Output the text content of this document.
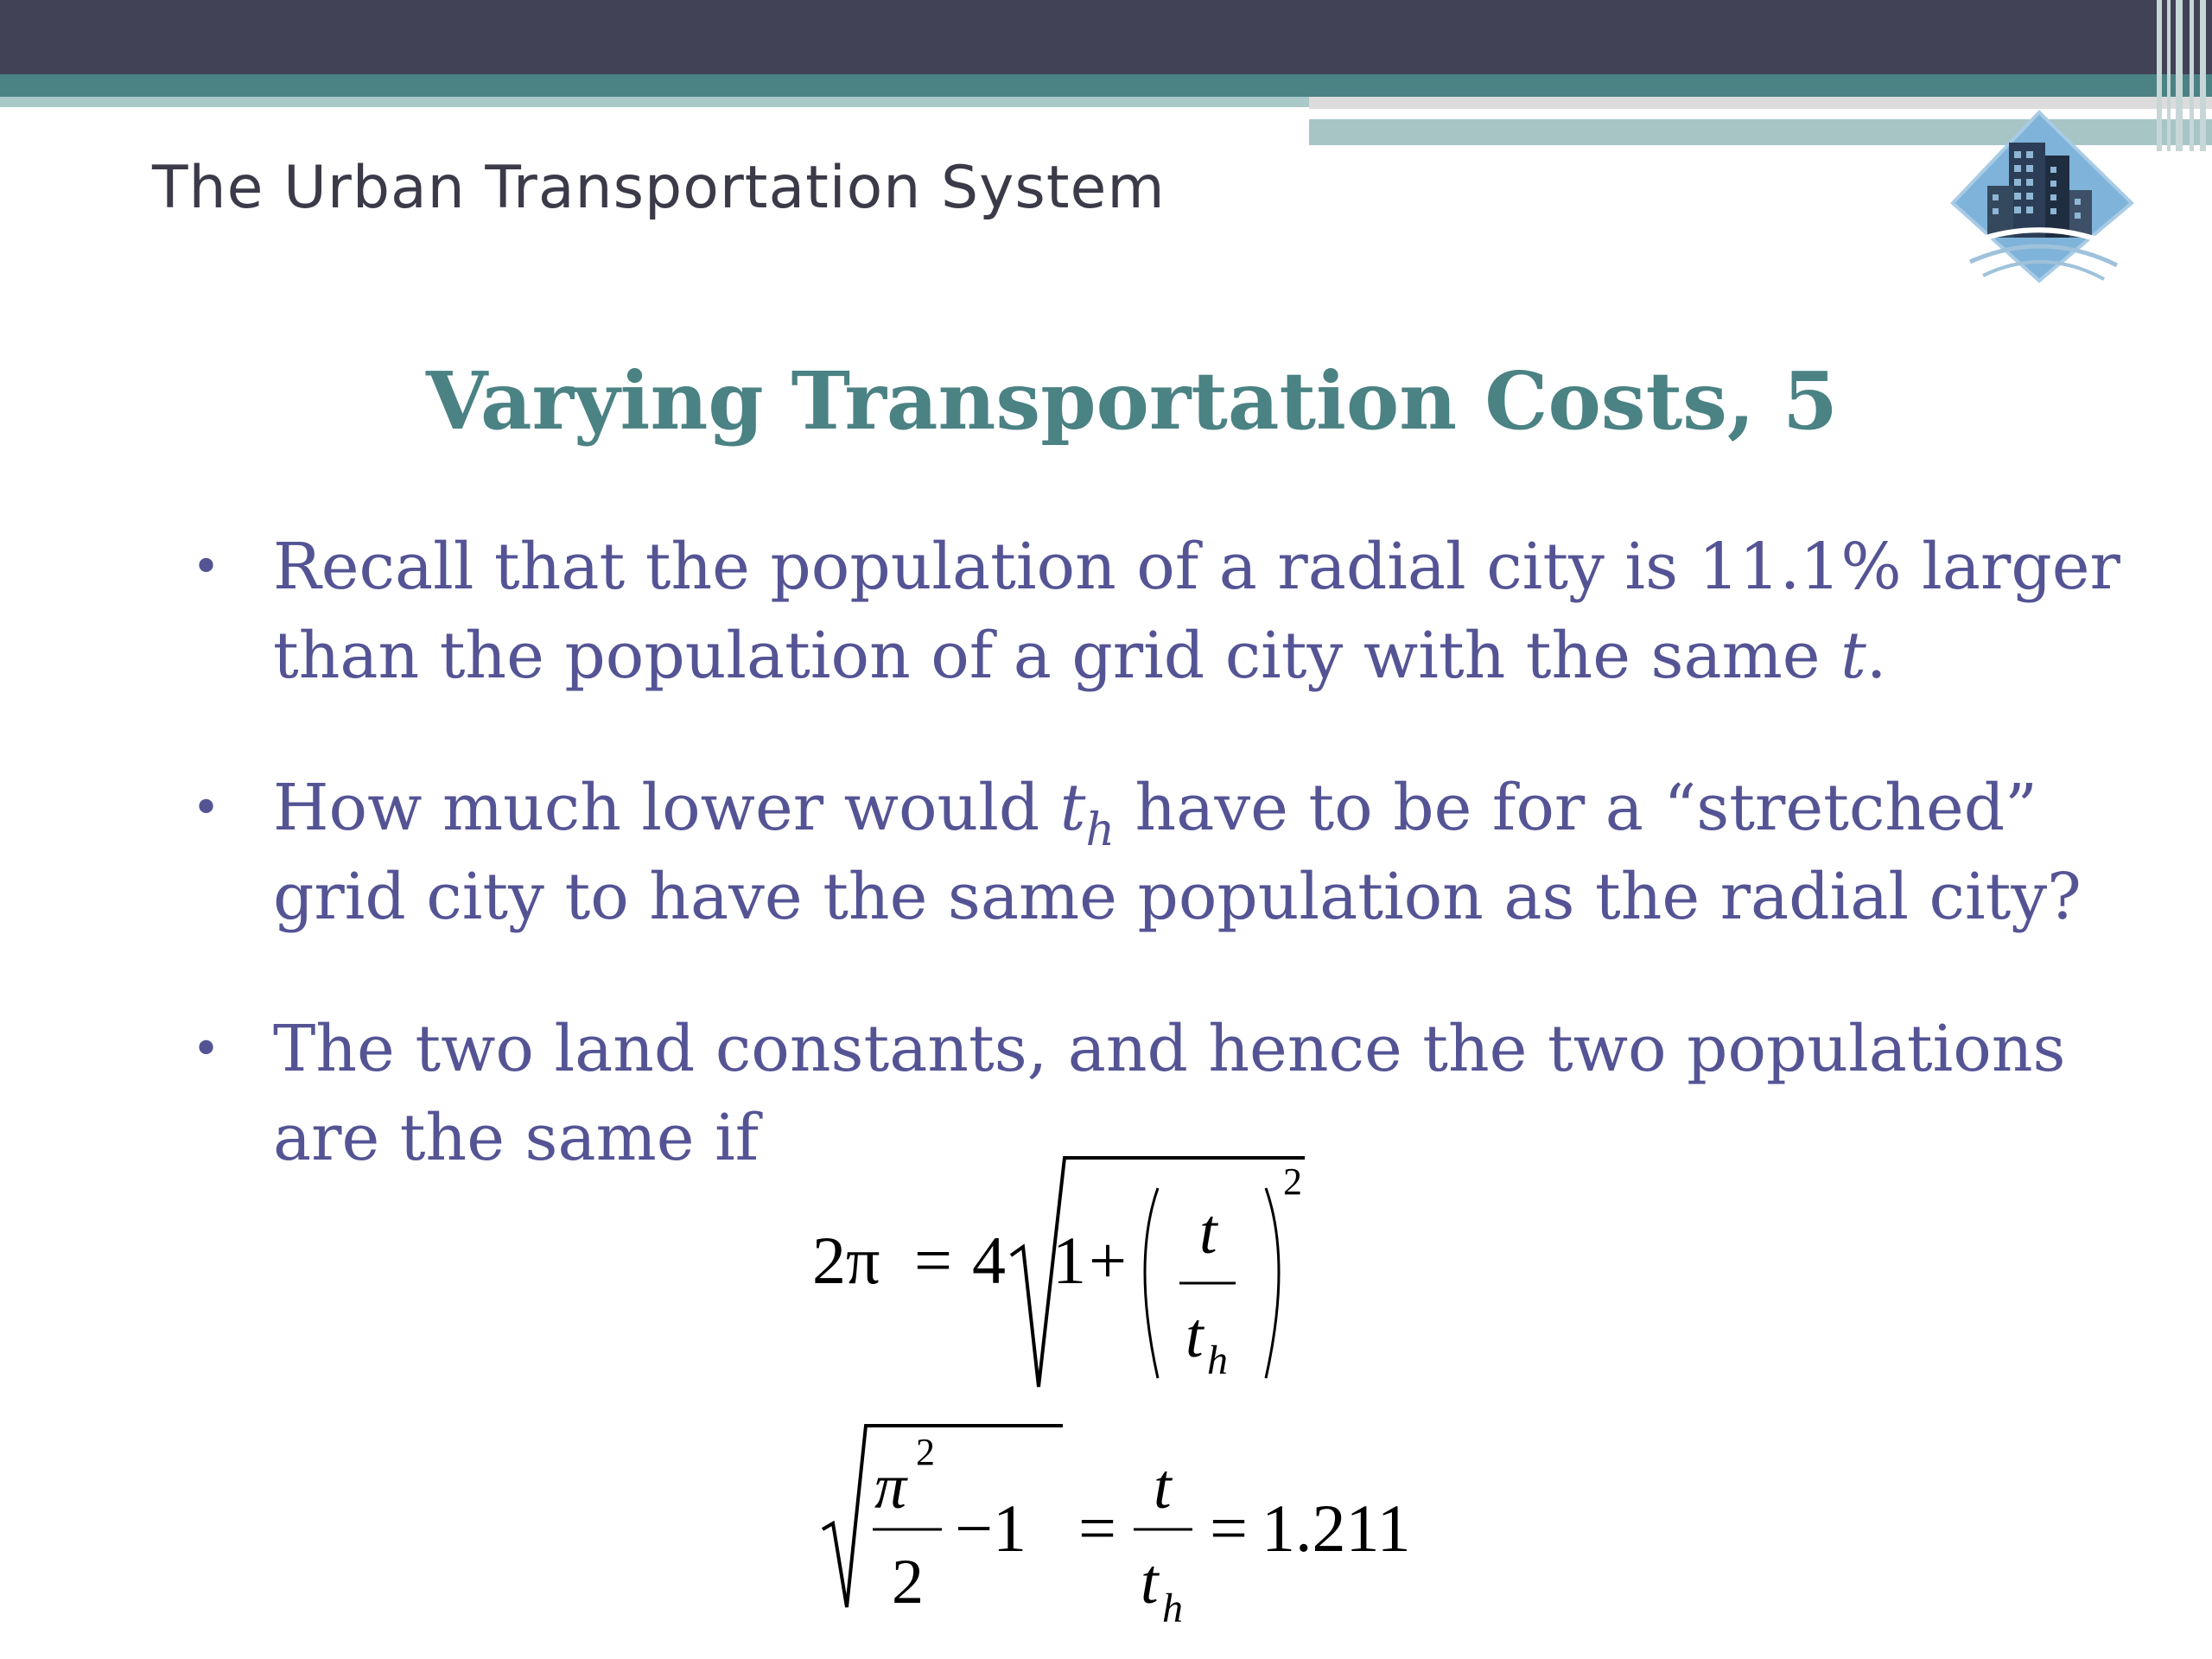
The Urban Transportation System
Varying Transportation Costs, 5
•
Recall that the population of a radial city is 11.1% larger
than the population of a grid city with the same t.
•
How much lower would $t_h$ have to be for a “stretched”
grid city to have the same population as the radial city?
•
The two land constants, and hence the two populations
are the same if
2π = 4 1 + t
t h
2
π 2
2
−1 =
t
t h
= 1.211
